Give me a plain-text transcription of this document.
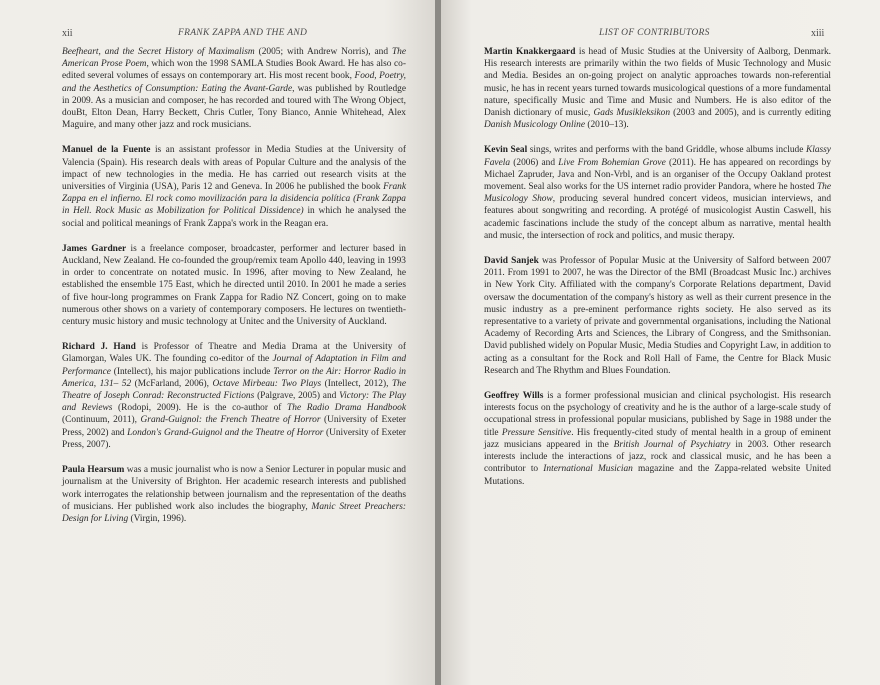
xii	FRANK ZAPPA AND THE AND

Beefheart, and the Secret History of Maximalism (2005; with Andrew Norris), and The American Prose Poem, which won the 1998 SAMLA Studies Book Award. He has also co-edited several volumes of essays on contemporary art. His most recent book, Food, Poetry, and the Aesthetics of Consumption: Eating the Avant-Garde, was published by Routledge in 2009. As a musician and composer, he has recorded and toured with The Wrong Object, douBt, Elton Dean, Harry Beckett, Chris Cutler, Tony Bianco, Annie Whitehead, Alex Maguire, and many other jazz and rock musicians.

Manuel de la Fuente is an assistant professor in Media Studies at the University of Valencia (Spain). His research deals with areas of Popular Culture and the analysis of the impact of new technologies in the media. He has carried out research visits at the universities of Virginia (USA), Paris 12 and Geneva. In 2006 he published the book Frank Zappa en el infierno. El rock como movilización para la disidencia política (Frank Zappa in Hell. Rock Music as Mobilization for Political Dissidence) in which he analysed the social and political meanings of Frank Zappa's work in the Reagan era.

James Gardner is a freelance composer, broadcaster, performer and lecturer based in Auckland, New Zealand. He co-founded the group/remix team Apollo 440, leaving in 1993 in order to concentrate on notated music. In 1996, after moving to New Zealand, he established the ensemble 175 East, which he directed until 2010. In 2001 he made a series of five hour-long programmes on Frank Zappa for Radio NZ Concert, going on to make numerous other shows on a variety of contemporary composers. He lectures on twentieth-century music history and music technology at Unitec and the University of Auckland.

Richard J. Hand is Professor of Theatre and Media Drama at the University of Glamorgan, Wales UK. The founding co-editor of the Journal of Adaptation in Film and Performance (Intellect), his major publications include Terror on the Air: Horror Radio in America, 131– 52 (McFarland, 2006), Octave Mirbeau: Two Plays (Intellect, 2012), The Theatre of Joseph Conrad: Reconstructed Fictions (Palgrave, 2005) and Victory: The Play and Reviews (Rodopi, 2009). He is the co-author of The Radio Drama Handbook (Continuum, 2011), Grand-Guignol: the French Theatre of Horror (University of Exeter Press, 2002) and London's Grand-Guignol and the Theatre of Horror (University of Exeter Press, 2007).

Paula Hearsum was a music journalist who is now a Senior Lecturer in popular music and journalism at the University of Brighton. Her academic research interests and published work interrogates the relationship between journalism and the representation of the deaths of musicians. Her published work also includes the biography, Manic Street Preachers: Design for Living (Virgin, 1996).

LIST OF CONTRIBUTORS	xiii

Martin Knakkergaard is head of Music Studies at the University of Aalborg, Denmark. His research interests are primarily within the two fields of Music Technology and Music and Media. Besides an on-going project on analytic approaches towards non-referential music, he has in recent years turned towards musicological questions of a more fundamental nature, specifically Music and Time and Music and Numbers. He is also editor of the Danish dictionary of music, Gads Musikleksikon (2003 and 2005), and is currently editing Danish Musicology Online (2010–13).

Kevin Seal sings, writes and performs with the band Griddle, whose albums include Klassy Favela (2006) and Live From Bohemian Grove (2011). He has appeared on recordings by Michael Zapruder, Java and Non-Vrbl, and is an organiser of the Occupy Oakland protest movement. Seal also works for the US internet radio provider Pandora, where he hosted The Musicology Show, producing several hundred concert videos, musician interviews, and features about songwriting and recording. A protégé of musicologist Austin Caswell, his academic fascinations include the study of the concept album as narrative, mental health and music, the intersection of rock and politics, and music therapy.

David Sanjek was Professor of Popular Music at the University of Salford between 2007 2011. From 1991 to 2007, he was the Director of the BMI (Broadcast Music Inc.) archives in New York City. Affiliated with the company's Corporate Relations department, David oversaw the documentation of the company's history as well as their current presence in the music industry as a pre-eminent performance rights society. He also served as its representative to a variety of private and governmental organisations, including the National Academy of Recording Arts and Sciences, the Library of Congress, and the Smithsonian. David published widely on Popular Music, Media Studies and Copyright Law, in addition to acting as a consultant for the Rock and Roll Hall of Fame, the Centre for Black Music Research and The Rhythm and Blues Foundation.

Geoffrey Wills is a former professional musician and clinical psychologist. His research interests focus on the psychology of creativity and he is the author of a large-scale study of occupational stress in professional popular musicians, published by Sage in 1988 under the title Pressure Sensitive. His frequently-cited study of mental health in a group of eminent jazz musicians appeared in the British Journal of Psychiatry in 2003. Other research interests include the interactions of jazz, rock and classical music, and he has been a contributor to International Musician magazine and the Zappa-related website United Mutations.
